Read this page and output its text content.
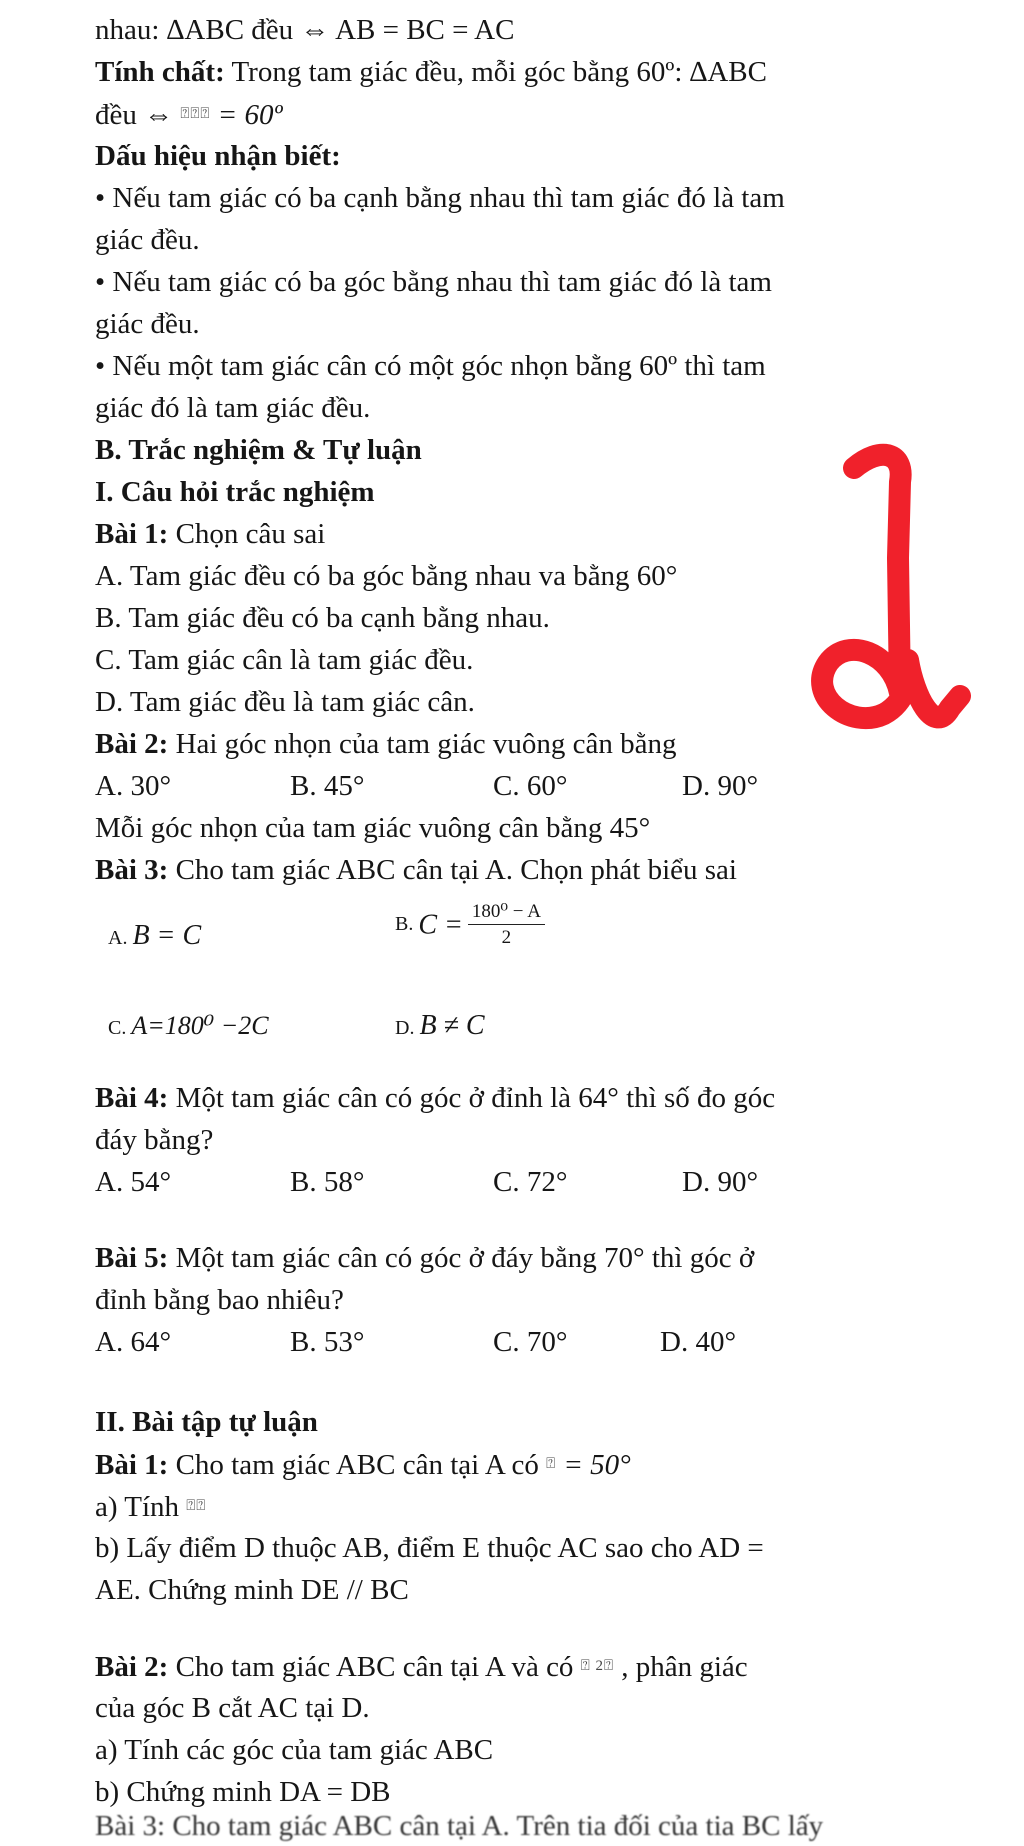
nhau: ∆ABC đều ⇔ AB = BC = AC
Tính chất: Trong tam giác đều, mỗi góc bằng 60º: ∆ABC
đều ⇔ ⍰⍰⍰ = 60º
Dấu hiệu nhận biết:
• Nếu tam giác có ba cạnh bằng nhau thì tam giác đó là tam
giác đều.
• Nếu tam giác có ba góc bằng nhau thì tam giác đó là tam
giác đều.
• Nếu một tam giác cân có một góc nhọn bằng 60º thì tam
giác đó là tam giác đều.
B. Trắc nghiệm & Tự luận
I. Câu hỏi trắc nghiệm
Bài 1: Chọn câu sai
A. Tam giác đều có ba góc bằng nhau va bằng 60°
B. Tam giác đều có ba cạnh bằng nhau.
C. Tam giác cân là tam giác đều.
D. Tam giác đều là tam giác cân.
Bài 2: Hai góc nhọn của tam giác vuông cân bằng
A. 30°	B. 45°	C. 60°	D. 90°
Mỗi góc nhọn của tam giác vuông cân bằng 45°
Bài 3: Cho tam giác ABC cân tại A. Chọn phát biểu sai
A. B = C	B. $C = \frac{\text{180⁰ − A}}{2}$
C. A=180⁰ −2C	D. B ≠ C
Bài 4: Một tam giác cân có góc ở đỉnh là 64° thì số đo góc
đáy bằng?
A. 54°	B. 58°	C. 72°	D. 90°
Bài 5: Một tam giác cân có góc ở đáy bằng 70° thì góc ở
đỉnh bằng bao nhiêu?
A. 64°	B. 53°	C. 70°	D. 40°
II. Bài tập tự luận
Bài 1: Cho tam giác ABC cân tại A có ⍰ = 50°
a) Tính ⍰⍰
b) Lấy điểm D thuộc AB, điểm E thuộc AC sao cho AD =
AE. Chứng minh DE // BC
Bài 2: Cho tam giác ABC cân tại A và có $^{⍰ 2⍰}$ , phân giác
của góc B cắt AC tại D.
a) Tính các góc của tam giác ABC
b) Chứng minh DA = DB
Bài 3: Cho tam giác ABC cân tại A. Trên tia đối của tia BC lấy
